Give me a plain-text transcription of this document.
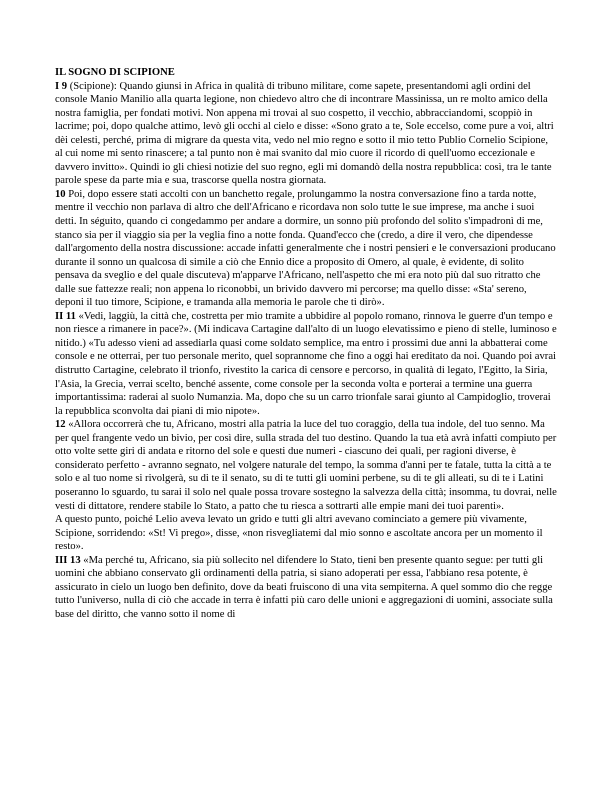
IL SOGNO DI SCIPIONE

I 9 (Scipione): Quando giunsi in Africa in qualità di tribuno militare, come sapete, presentandomi agli ordini del console Manio Manilio alla quarta legione, non chiedevo altro che di incontrare Massinissa, un re molto amico della nostra famiglia, per fondati motivi. Non appena mi trovai al suo cospetto, il vecchio, abbracciandomi, scoppiò in lacrime; poi, dopo qualche attimo, levò gli occhi al cielo e disse: «Sono grato a te, Sole eccelso, come pure a voi, altri dèi celesti, perché, prima di migrare da questa vita, vedo nel mio regno e sotto il mio tetto Publio Cornelio Scipione, al cui nome mi sento rinascere; a tal punto non è mai svanito dal mio cuore il ricordo di quell'uomo eccezionale e davvero invitto». Quindi io gli chiesi notizie del suo regno, egli mi domandò della nostra repubblica: così, tra le tante parole spese da parte mia e sua, trascorse quella nostra giornata.

10 Poi, dopo essere stati accolti con un banchetto regale, prolungammo la nostra conversazione fino a tarda notte, mentre il vecchio non parlava di altro che dell'Africano e ricordava non solo tutte le sue imprese, ma anche i suoi detti. In séguito, quando ci congedammo per andare a dormire, un sonno più profondo del solito s'impadronì di me, stanco sia per il viaggio sia per la veglia fino a notte fonda. Quand'ecco che (credo, a dire il vero, che dipendesse dall'argomento della nostra discussione: accade infatti generalmente che i nostri pensieri e le conversazioni producano durante il sonno un qualcosa di simile a ciò che Ennio dice a proposito di Omero, al quale, è evidente, di solito pensava da sveglio e del quale discuteva) m'apparve l'Africano, nell'aspetto che mi era noto più dal suo ritratto che dalle sue fattezze reali; non appena lo riconobbi, un brivido davvero mi percorse; ma quello disse: «Sta' sereno, deponi il tuo timore, Scipione, e tramanda alla memoria le parole che ti dirò».

II 11 «Vedi, laggiù, la città che, costretta per mio tramite a ubbidire al popolo romano, rinnova le guerre d'un tempo e non riesce a rimanere in pace?». (Mi indicava Cartagine dall'alto di un luogo elevatissimo e pieno di stelle, luminoso e nitido.) «Tu adesso vieni ad assediarla quasi come soldato semplice, ma entro i prossimi due anni la abbatterai come console e ne otterrai, per tuo personale merito, quel soprannome che fino a oggi hai ereditato da noi. Quando poi avrai distrutto Cartagine, celebrato il trionfo, rivestito la carica di censore e percorso, in qualità di legato, l'Egitto, la Siria, l'Asia, la Grecia, verrai scelto, benché assente, come console per la seconda volta e porterai a termine una guerra importantissima: raderai al suolo Numanzia. Ma, dopo che su un carro trionfale sarai giunto al Campidoglio, troverai la repubblica sconvolta dai piani di mio nipote».

12 «Allora occorrerà che tu, Africano, mostri alla patria la luce del tuo coraggio, della tua indole, del tuo senno. Ma per quel frangente vedo un bivio, per così dire, sulla strada del tuo destino. Quando la tua età avrà infatti compiuto per otto volte sette giri di andata e ritorno del sole e questi due numeri - ciascuno dei quali, per ragioni diverse, è considerato perfetto - avranno segnato, nel volgere naturale del tempo, la somma d'anni per te fatale, tutta la città a te solo e al tuo nome si rivolgerà, su di te il senato, su di te tutti gli uomini perbene, su di te gli alleati, su di te i Latini poseranno lo sguardo, tu sarai il solo nel quale possa trovare sostegno la salvezza della città; insomma, tu dovrai, nelle vesti di dittatore, rendere stabile lo Stato, a patto che tu riesca a sottrarti alle empie mani dei tuoi parenti».

A questo punto, poiché Lelio aveva levato un grido e tutti gli altri avevano cominciato a gemere più vivamente, Scipione, sorridendo: «St! Vi prego», disse, «non risvegliatemi dal mio sonno e ascoltate ancora per un momento il resto».

III 13 «Ma perché tu, Africano, sia più sollecito nel difendere lo Stato, tieni ben presente quanto segue: per tutti gli uomini che abbiano conservato gli ordinamenti della patria, si siano adoperati per essa, l'abbiano resa potente, è assicurato in cielo un luogo ben definito, dove da beati fruiscono di una vita sempiterna. A quel sommo dio che regge tutto l'universo, nulla di ciò che accade in terra è infatti più caro delle unioni e aggregazioni di uomini, associate sulla base del diritto, che vanno sotto il nome di
